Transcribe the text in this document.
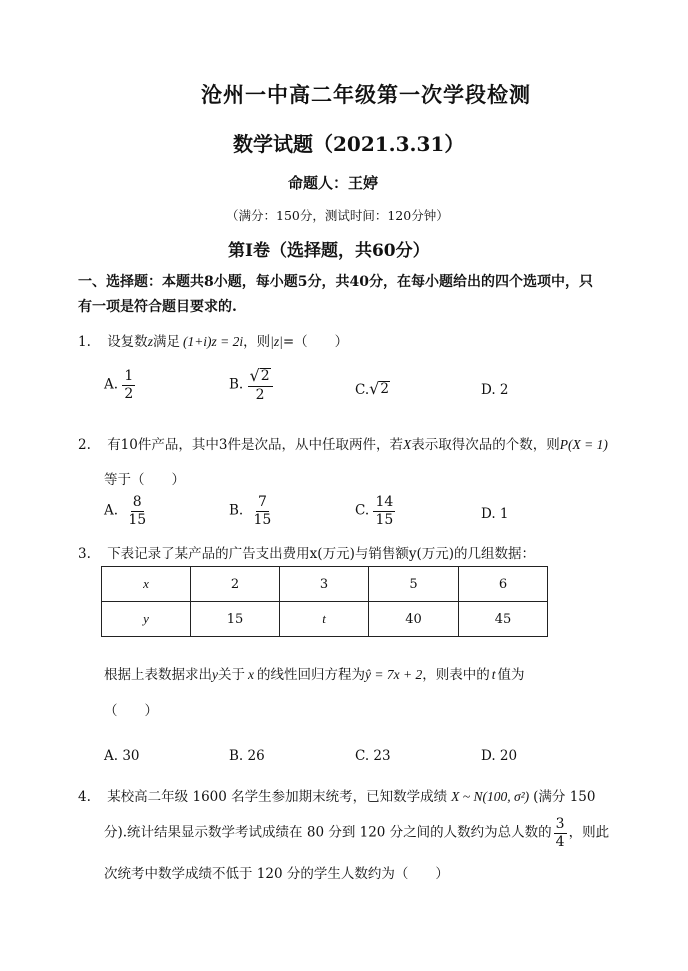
沧州一中高二年级第一次学段检测
数学试题（2021.3.31）
命题人：王婷
（满分：150分，测试时间：120分钟）
第Ⅰ卷（选择题，共60分）
一、选择题：本题共8小题，每小题5分，共40分，在每小题给出的四个选项中，只
有一项是符合题目要求的.
1. 设复数z满足 (1+i)z = 2i，则|z|=（　　）
A. $\frac{1}{2}$	B. $\frac{√ 2}{2}$	C. √ 2	D. 2
2. 有10件产品，其中3件是次品，从中任取两件，若X表示取得次品的个数，则P(X = 1)
等于（　　）
A. $\frac{8}{15}$	B. $\frac{7}{15}$	C. $\frac{14}{15}$	D. 1
3. 下表记录了某产品的广告支出费用x(万元)与销售额y(万元)的几组数据：
x	2	3	5	6
y	15	t	40	45
根据上表数据求出y关于 x 的线性回归方程为ŷ = 7x + 2，则表中的 t 值为
（　　）
A. 30	B. 26	C. 23	D. 20
4. 某校高二年级 1600 名学生参加期末统考，已知数学成绩 X ~ N(100, σ²) (满分 150
分).统计结果显示数学考试成绩在 80 分到 120 分之间的人数约为总人数的 $\frac{3}{4}$ ，则此
次统考中数学成绩不低于 120 分的学生人数约为（　　）
